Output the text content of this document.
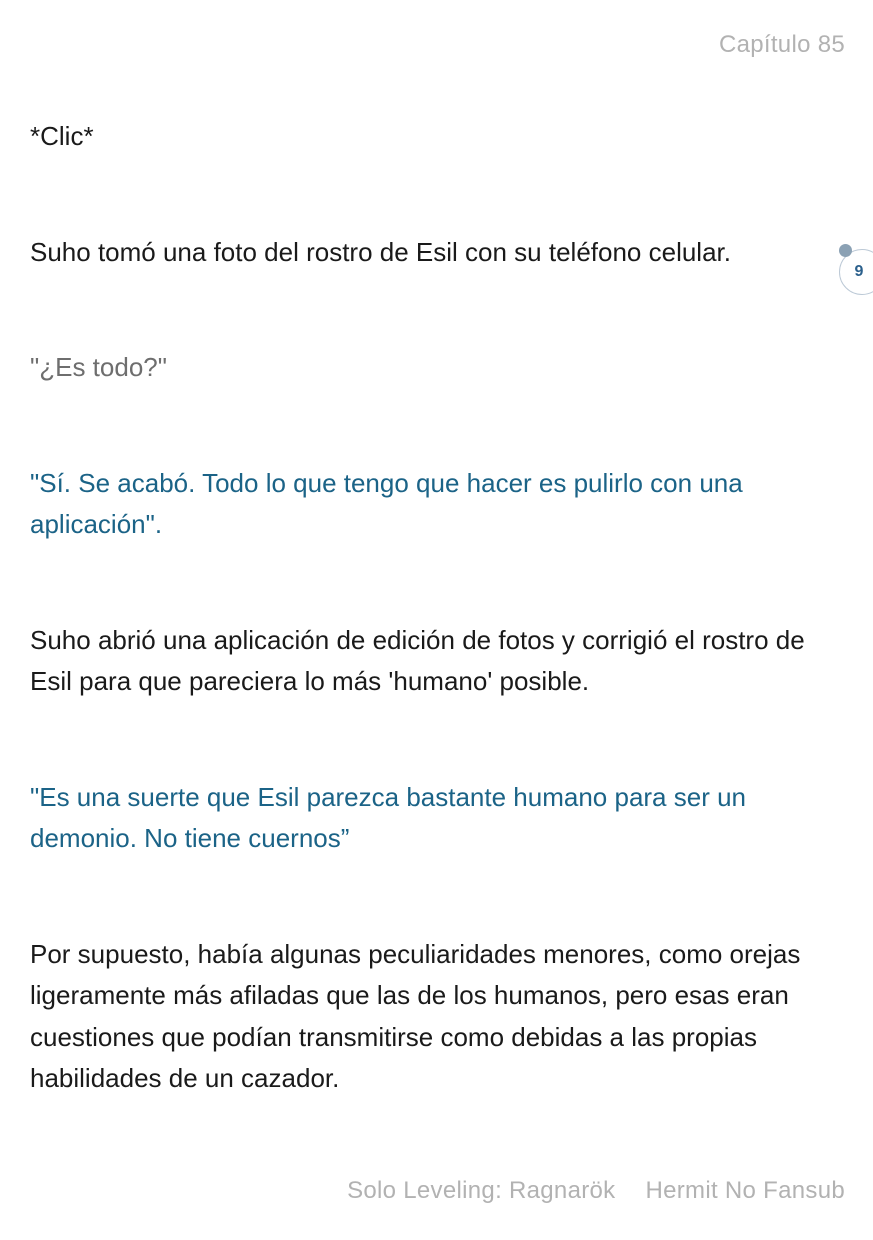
Capítulo 85

*Clic*

Suho tomó una foto del rostro de Esil con su teléfono celular.

"¿Es todo?"

"Sí. Se acabó. Todo lo que tengo que hacer es pulirlo con una aplicación".

Suho abrió una aplicación de edición de fotos y corrigió el rostro de Esil para que pareciera lo más 'humano' posible.

"Es una suerte que Esil parezca bastante humano para ser un demonio. No tiene cuernos”

Por supuesto, había algunas peculiaridades menores, como orejas ligeramente más afiladas que las de los humanos, pero esas eran cuestiones que podían transmitirse como debidas a las propias habilidades de un cazador.

9
Solo Leveling: Ragnarök Hermit No Fansub
